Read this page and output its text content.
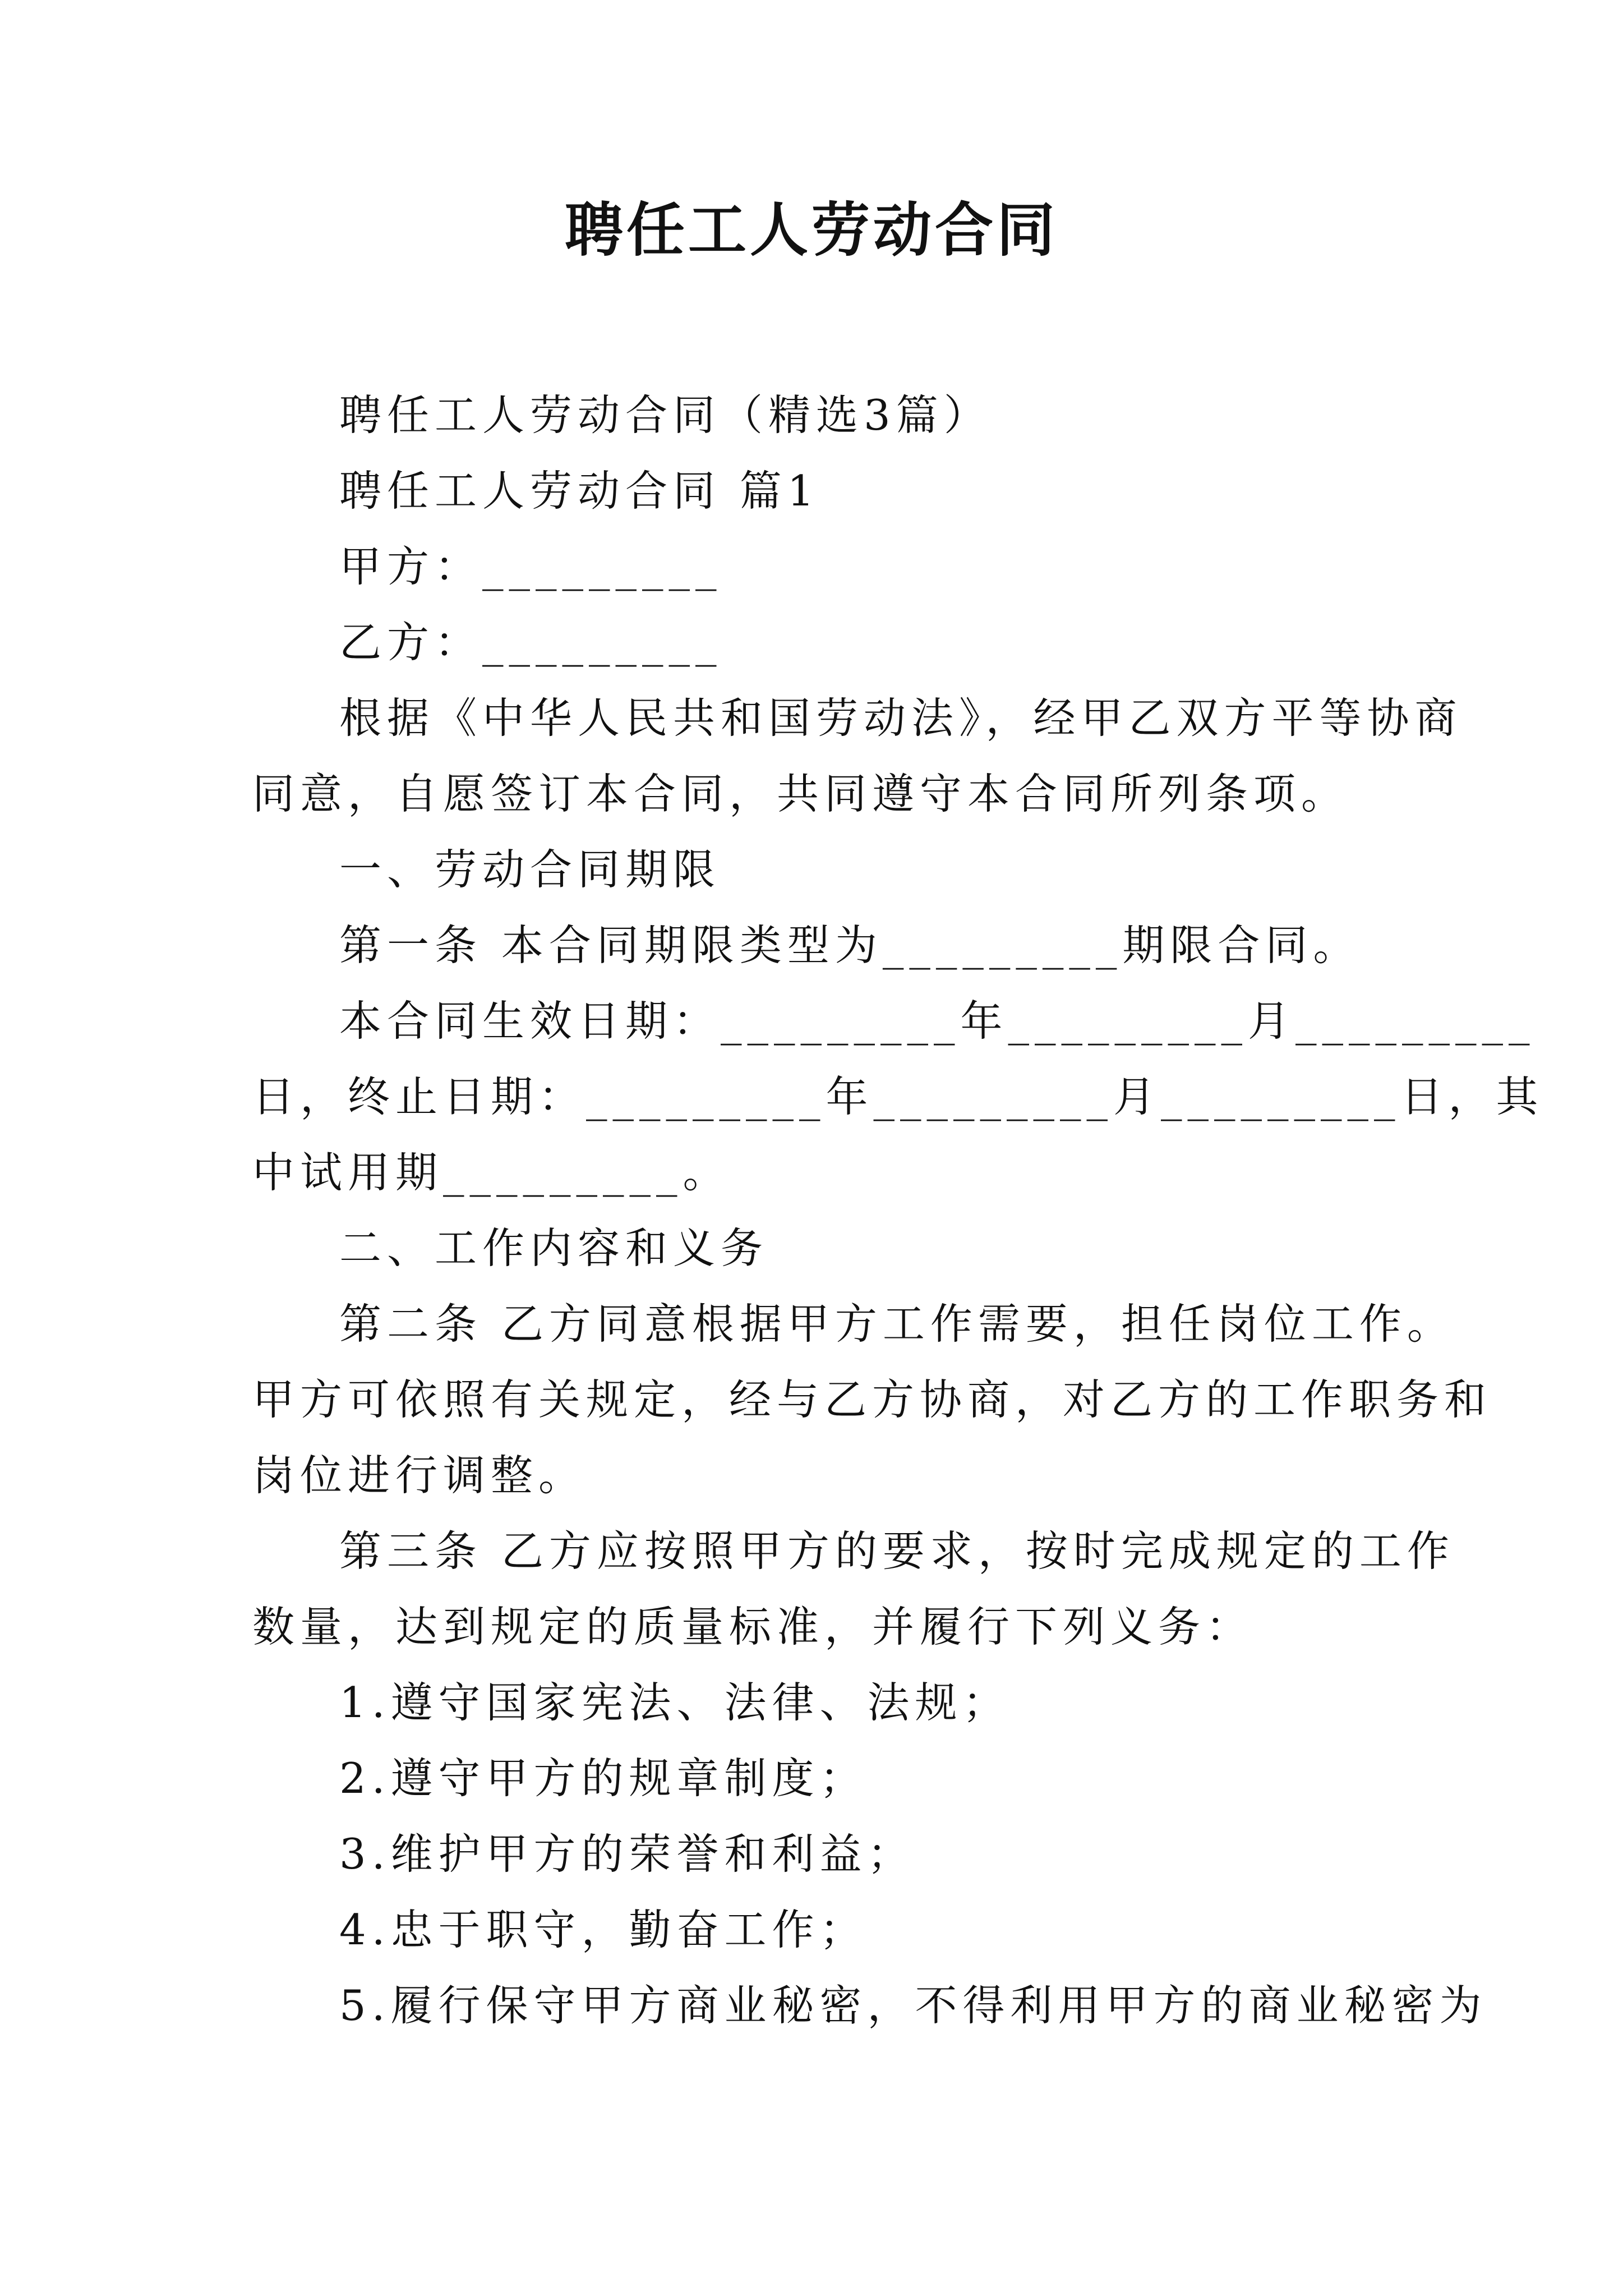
聘任工人劳动合同
聘任工人劳动合同（精选3篇）
聘任工人劳动合同 篇1
甲方：_________
乙方：_________
根据《中华人民共和国劳动法》，经甲乙双方平等协商
同意，自愿签订本合同，共同遵守本合同所列条项。
一、劳动合同期限
第一条 本合同期限类型为_________期限合同。
本合同生效日期：_________年_________月_________
日，终止日期：_________年_________月_________日，其
中试用期_________。
二、工作内容和义务
第二条 乙方同意根据甲方工作需要，担任岗位工作。
甲方可依照有关规定，经与乙方协商，对乙方的工作职务和
岗位进行调整。
第三条 乙方应按照甲方的要求，按时完成规定的工作
数量，达到规定的质量标准，并履行下列义务：
1.遵守国家宪法、法律、法规；
2.遵守甲方的规章制度；
3.维护甲方的荣誉和利益；
4.忠于职守，勤奋工作；
5.履行保守甲方商业秘密，不得利用甲方的商业秘密为
